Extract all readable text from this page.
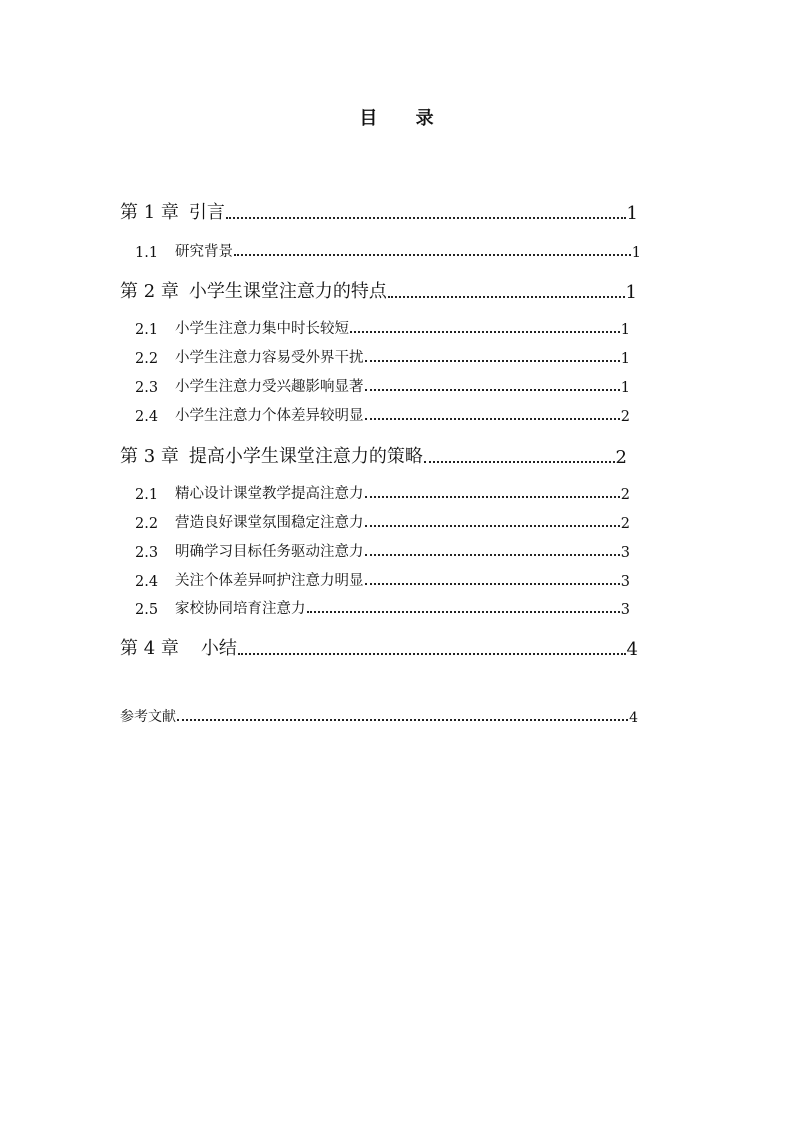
目 录
第 1 章 引言	1
1.1	研究背景	1
第 2 章 小学生课堂注意力的特点	1
2.1	小学生注意力集中时长较短	1
2.2	小学生注意力容易受外界干扰	1
2.3	小学生注意力受兴趣影响显著	1
2.4	小学生注意力个体差异较明显	2
第 3 章 提高小学生课堂注意力的策略	2
2.1	精心设计课堂教学提高注意力	2
2.2	营造良好课堂氛围稳定注意力	2
2.3	明确学习目标任务驱动注意力	3
2.4	关注个体差异呵护注意力明显	3
2.5	家校协同培育注意力	3
第 4 章 小结	4
参考文献	4
